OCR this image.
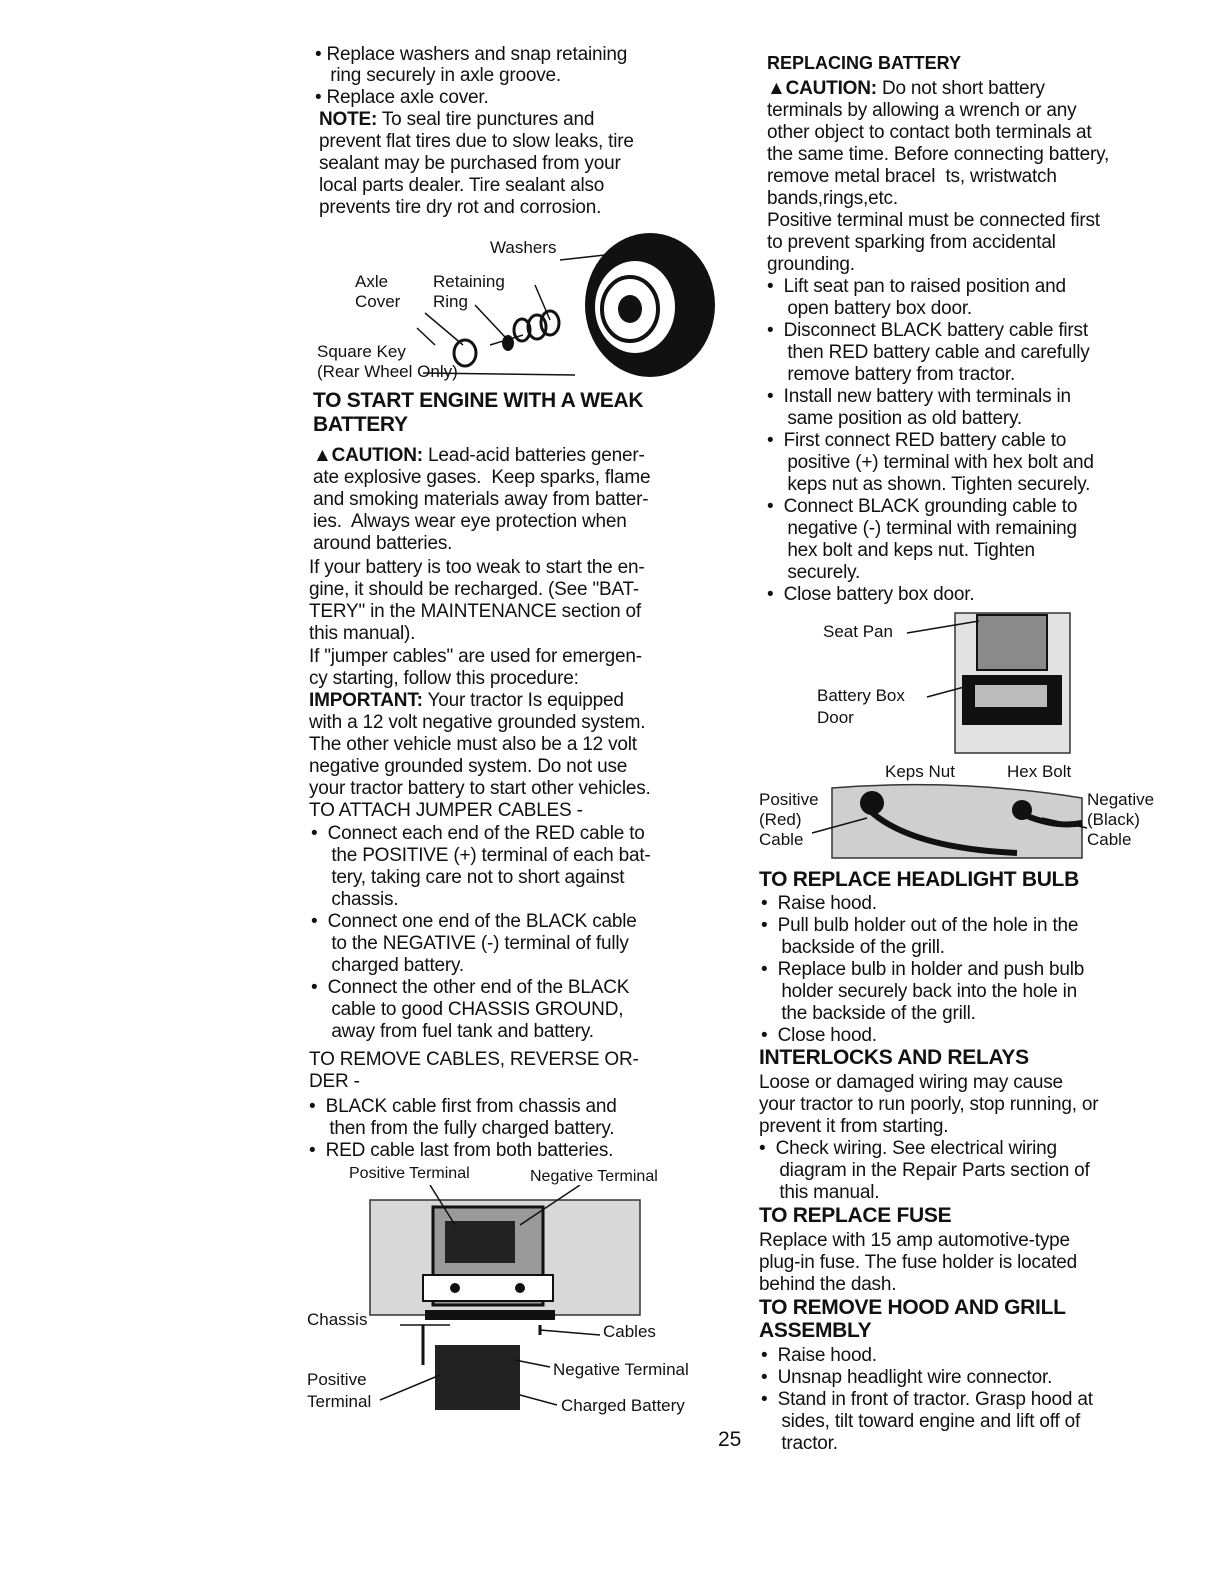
• Replace washers and snap retaining
ring securely in axle groove.
• Replace axle cover.
NOTE: To seal tire punctures and
prevent flat tires due to slow leaks, tire
sealant may be purchased from your
local parts dealer. Tire sealant also
prevents tire dry rot and corrosion.
Washers
Axle
Cover
Retaining
Ring
Square Key
(Rear Wheel Only)
TO START ENGINE WITH A WEAK
BATTERY
▲CAUTION: Lead-acid batteries gener-
ate explosive gases.  Keep sparks, flame
and smoking materials away from batter-
ies.  Always wear eye protection when
around batteries.
If your battery is too weak to start the en-
gine, it should be recharged. (See "BAT-
TERY" in the MAINTENANCE section of
this manual).
If "jumper cables" are used for emergen-
cy starting, follow this procedure:
IMPORTANT: Your tractor Is equipped
with a 12 volt negative grounded system.
The other vehicle must also be a 12 volt
negative grounded system. Do not use
your tractor battery to start other vehicles.
TO ATTACH JUMPER CABLES -
•  Connect each end of the RED cable to
the POSITIVE (+) terminal of each bat-
tery, taking care not to short against
chassis.
•  Connect one end of the BLACK cable
to the NEGATIVE (-) terminal of fully
charged battery.
•  Connect the other end of the BLACK
cable to good CHASSIS GROUND,
away from fuel tank and battery.
TO REMOVE CABLES, REVERSE OR-
DER -
•  BLACK cable first from chassis and
then from the fully charged battery.
•  RED cable last from both batteries.
Positive Terminal	Negative Terminal
Chassis
Cables
Positive
Terminal
Negative Terminal
Charged Battery
25
REPLACING BATTERY
▲CAUTION: Do not short battery
terminals by allowing a wrench or any
other object to contact both terminals at
the same time. Before connecting battery,
remove metal bracel  ts, wristwatch
bands,rings,etc.
Positive terminal must be connected first
to prevent sparking from accidental
grounding.
•  Lift seat pan to raised position and
open battery box door.
•  Disconnect BLACK battery cable first
then RED battery cable and carefully
remove battery from tractor.
•  Install new battery with terminals in
same position as old battery.
•  First connect RED battery cable to
positive (+) terminal with hex bolt and
keps nut as shown. Tighten securely.
•  Connect BLACK grounding cable to
negative (-) terminal with remaining
hex bolt and keps nut. Tighten
securely.
•  Close battery box door.
Seat Pan
Battery Box
Door
Keps Nut	Hex Bolt
Positive
(Red)
Cable
Negative
(Black)
Cable
TO REPLACE HEADLIGHT BULB
•  Raise hood.
•  Pull bulb holder out of the hole in the
backside of the grill.
•  Replace bulb in holder and push bulb
holder securely back into the hole in
the backside of the grill.
•  Close hood.
INTERLOCKS AND RELAYS
Loose or damaged wiring may cause
your tractor to run poorly, stop running, or
prevent it from starting.
•  Check wiring. See electrical wiring
diagram in the Repair Parts section of
this manual.
TO REPLACE FUSE
Replace with 15 amp automotive-type
plug-in fuse. The fuse holder is located
behind the dash.
TO REMOVE HOOD AND GRILL
ASSEMBLY
•  Raise hood.
•  Unsnap headlight wire connector.
•  Stand in front of tractor. Grasp hood at
sides, tilt toward engine and lift off of
tractor.
